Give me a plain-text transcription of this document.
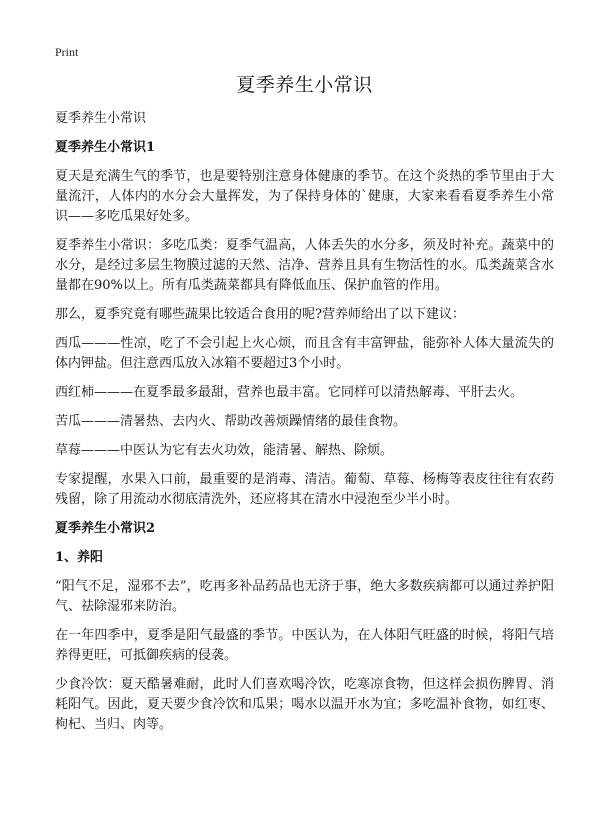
Print
夏季养生小常识
夏季养生小常识
夏季养生小常识1

夏天是充满生气的季节，也是要特别注意身体健康的季节。在这个炎热的季节里由于大量流汗，人体内的水分会大量挥发，为了保持身体的`健康，大家来看看夏季养生小常识——多吃瓜果好处多。

夏季养生小常识：多吃瓜类：夏季气温高，人体丢失的水分多，须及时补充。蔬菜中的水分，是经过多层生物膜过滤的天然、洁净、营养且具有生物活性的水。瓜类蔬菜含水量都在90%以上。所有瓜类蔬菜都具有降低血压、保护血管的作用。

那么，夏季究竟有哪些蔬果比较适合食用的呢?营养师给出了以下建议：

西瓜———性凉，吃了不会引起上火心烦，而且含有丰富钾盐，能弥补人体大量流失的体内钾盐。但注意西瓜放入冰箱不要超过3个小时。

西红柿———在夏季最多最甜，营养也最丰富。它同样可以清热解毒、平肝去火。

苦瓜———清暑热、去内火、帮助改善烦躁情绪的最佳食物。

草莓———中医认为它有去火功效，能清暑、解热、除烦。

专家提醒，水果入口前，最重要的是消毒、清洁。葡萄、草莓、杨梅等表皮往往有农药残留，除了用流动水彻底清洗外，还应将其在清水中浸泡至少半小时。

夏季养生小常识2
1、养阳

“阳气不足，湿邪不去”，吃再多补品药品也无济于事，绝大多数疾病都可以通过养护阳气、祛除湿邪来防治。

在一年四季中，夏季是阳气最盛的季节。中医认为，在人体阳气旺盛的时候，将阳气培养得更旺，可抵御疾病的侵袭。

少食冷饮：夏天酷暑难耐，此时人们喜欢喝冷饮，吃寒凉食物，但这样会损伤脾胃、消耗阳气。因此，夏天要少食冷饮和瓜果；喝水以温开水为宜；多吃温补食物，如红枣、枸杞、当归、肉等。
